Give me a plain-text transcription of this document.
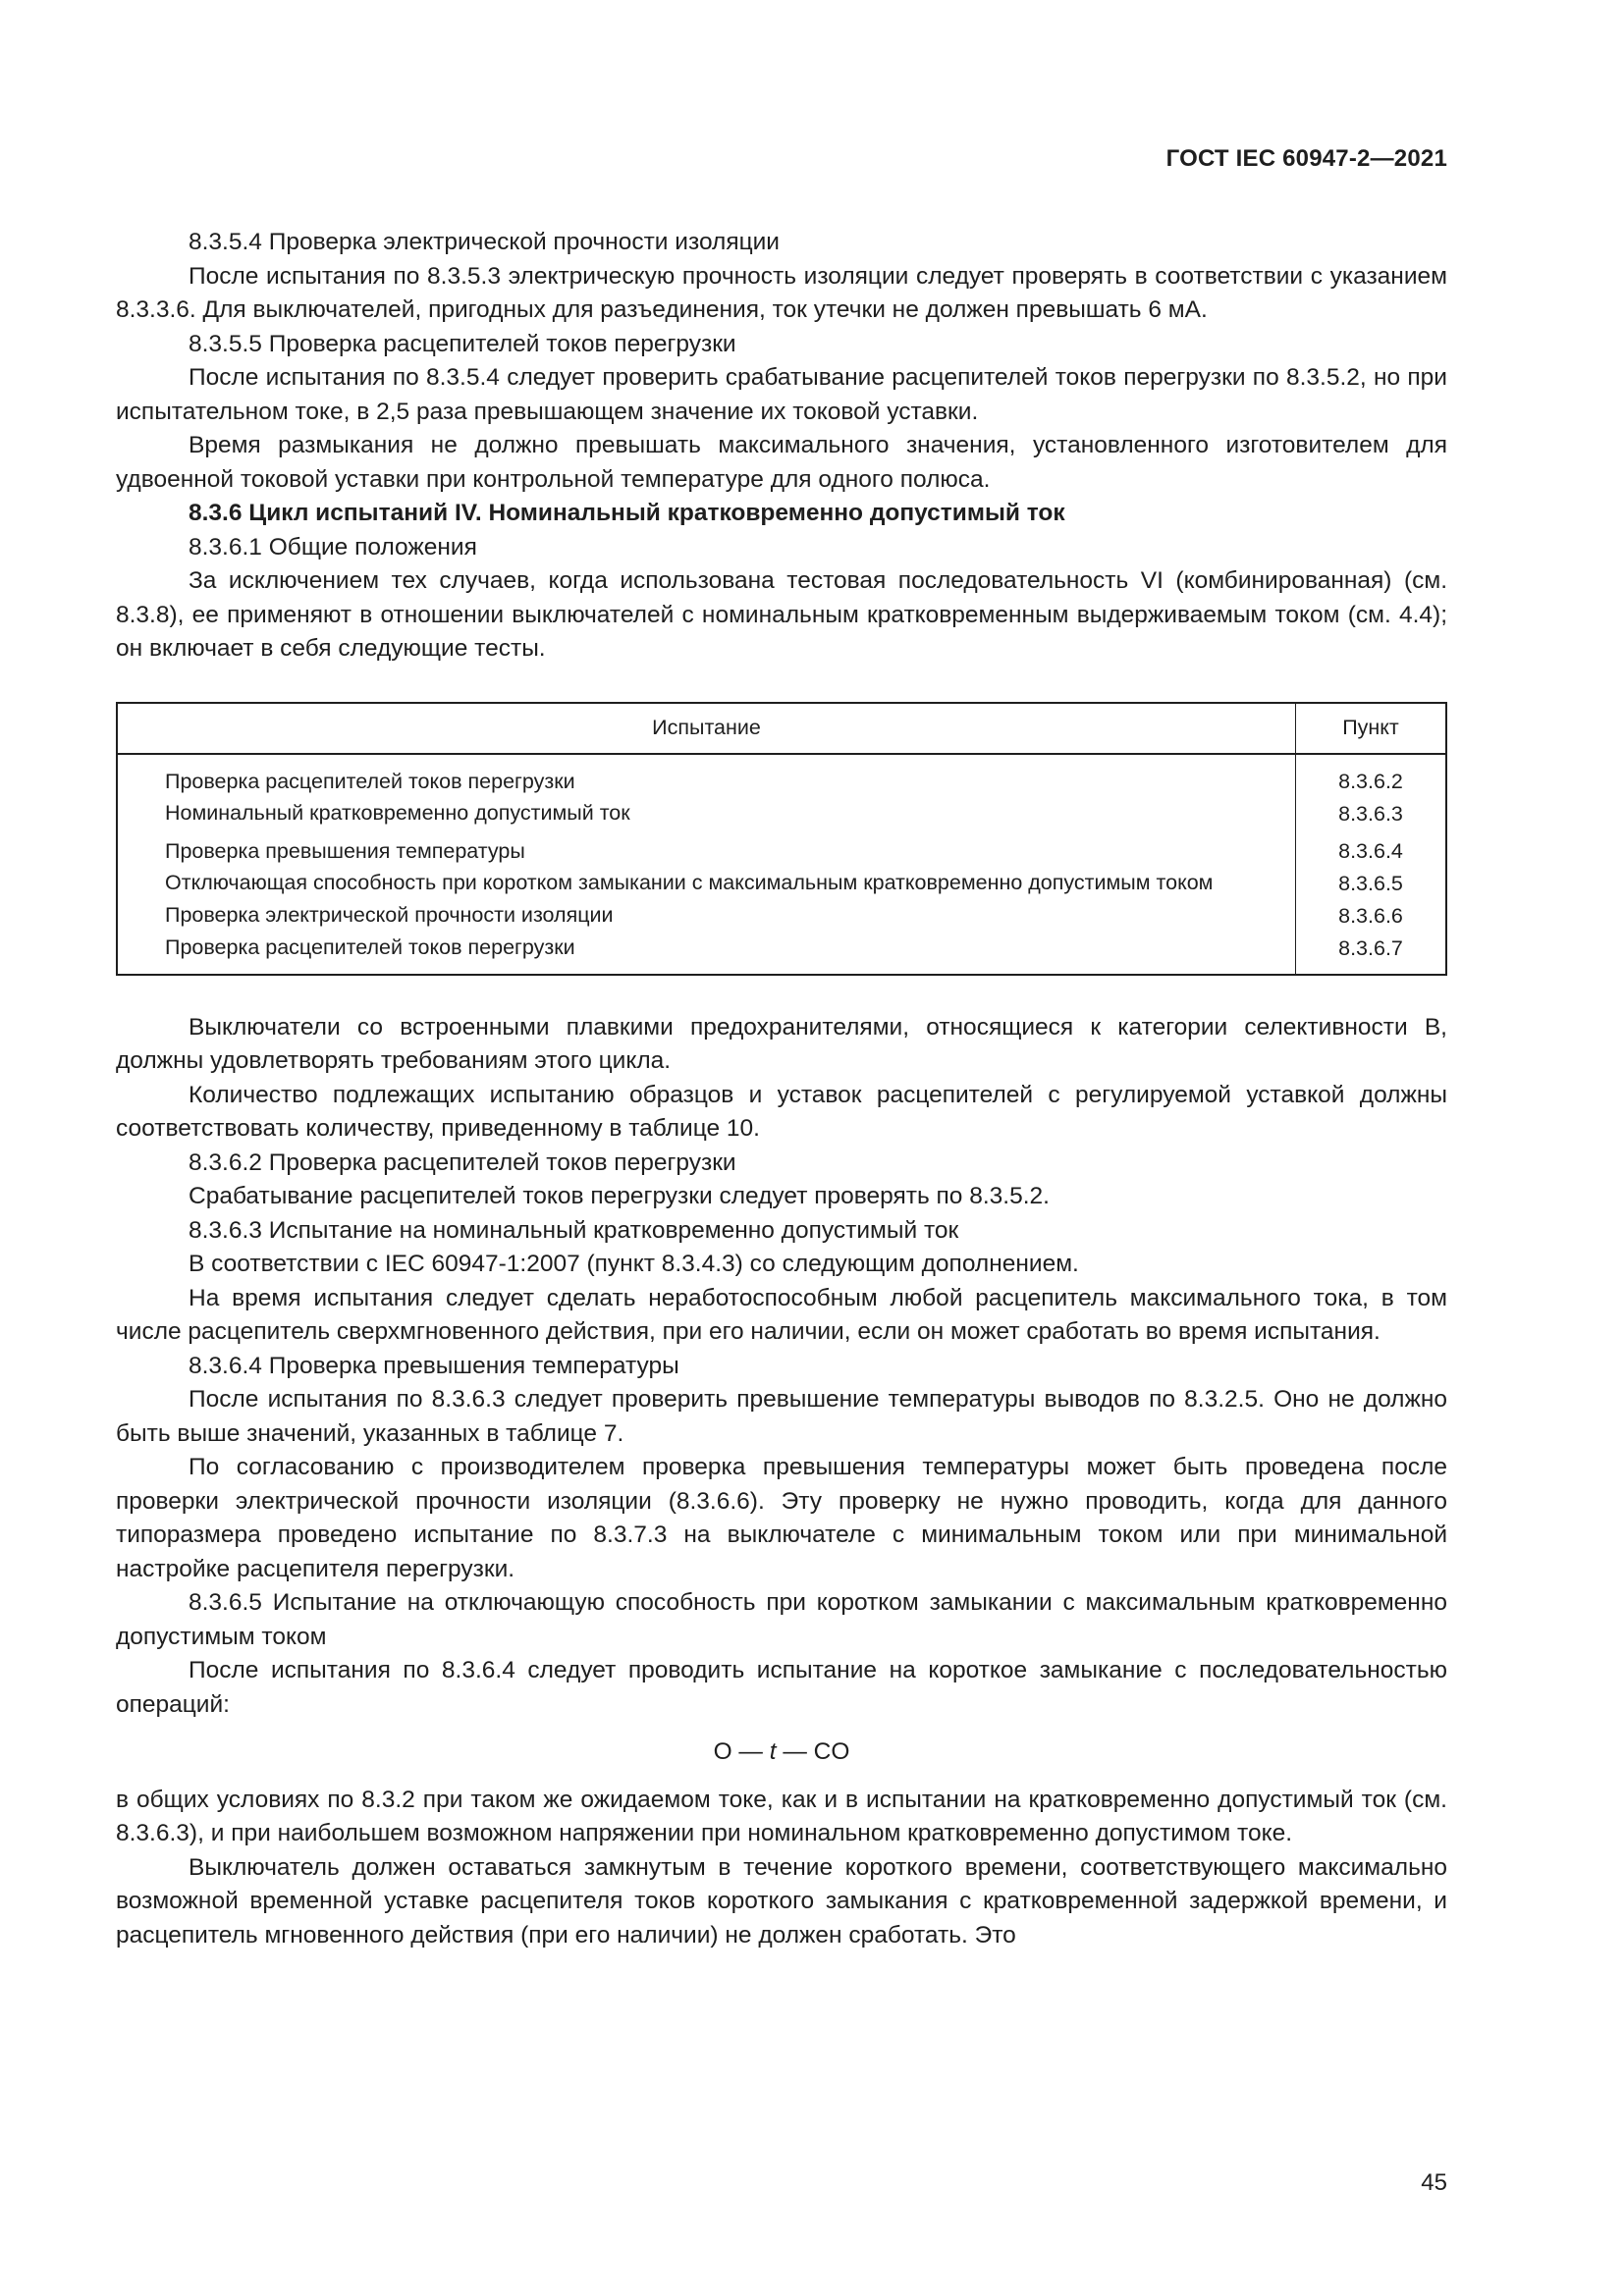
ГОСТ IEC 60947-2—2021

8.3.5.4 Проверка электрической прочности изоляции

После испытания по 8.3.5.3 электрическую прочность изоляции следует проверять в соответствии с указанием 8.3.3.6. Для выключателей, пригодных для разъединения, ток утечки не должен превышать 6 мА.

8.3.5.5 Проверка расцепителей токов перегрузки

После испытания по 8.3.5.4 следует проверить срабатывание расцепителей токов перегрузки по 8.3.5.2, но при испытательном токе, в 2,5 раза превышающем значение их токовой уставки.

Время размыкания не должно превышать максимального значения, установленного изготовителем для удвоенной токовой уставки при контрольной температуре для одного полюса.

8.3.6 Цикл испытаний IV. Номинальный кратковременно допустимый ток

8.3.6.1 Общие положения

За исключением тех случаев, когда использована тестовая последовательность VI (комбинированная) (см. 8.3.8), ее применяют в отношении выключателей с номинальным кратковременным выдерживаемым током (см. 4.4); он включает в себя следующие тесты.

Испытание	Пункт

Проверка расцепителей токов перегрузки	8.3.6.2

Номинальный кратковременно допустимый ток	8.3.6.3

Проверка превышения температуры	8.3.6.4

Отключающая способность при коротком замыкании с максимальным кратковременно допустимым током	8.3.6.5

Проверка электрической прочности изоляции	8.3.6.6

Проверка расцепителей токов перегрузки	8.3.6.7

Выключатели со встроенными плавкими предохранителями, относящиеся к категории селективности B, должны удовлетворять требованиям этого цикла.

Количество подлежащих испытанию образцов и уставок расцепителей с регулируемой уставкой должны соответствовать количеству, приведенному в таблице 10.

8.3.6.2 Проверка расцепителей токов перегрузки

Срабатывание расцепителей токов перегрузки следует проверять по 8.3.5.2.

8.3.6.3 Испытание на номинальный кратковременно допустимый ток

В соответствии с IEC 60947-1:2007 (пункт 8.3.4.3) со следующим дополнением.

На время испытания следует сделать неработоспособным любой расцепитель максимального тока, в том числе расцепитель сверхмгновенного действия, при его наличии, если он может сработать во время испытания.

8.3.6.4 Проверка превышения температуры

После испытания по 8.3.6.3 следует проверить превышение температуры выводов по 8.3.2.5. Оно не должно быть выше значений, указанных в таблице 7.

По согласованию с производителем проверка превышения температуры может быть проведена после проверки электрической прочности изоляции (8.3.6.6). Эту проверку не нужно проводить, когда для данного типоразмера проведено испытание по 8.3.7.3 на выключателе с минимальным током или при минимальной настройке расцепителя перегрузки.

8.3.6.5 Испытание на отключающую способность при коротком замыкании с максимальным кратковременно допустимым током

После испытания по 8.3.6.4 следует проводить испытание на короткое замыкание с последовательностью операций:

O — t — CO

в общих условиях по 8.3.2 при таком же ожидаемом токе, как и в испытании на кратковременно допустимый ток (см. 8.3.6.3), и при наибольшем возможном напряжении при номинальном кратковременно допустимом токе.

Выключатель должен оставаться замкнутым в течение короткого времени, соответствующего максимально возможной временной уставке расцепителя токов короткого замыкания с кратковременной задержкой времени, и расцепитель мгновенного действия (при его наличии) не должен сработать. Это

45
